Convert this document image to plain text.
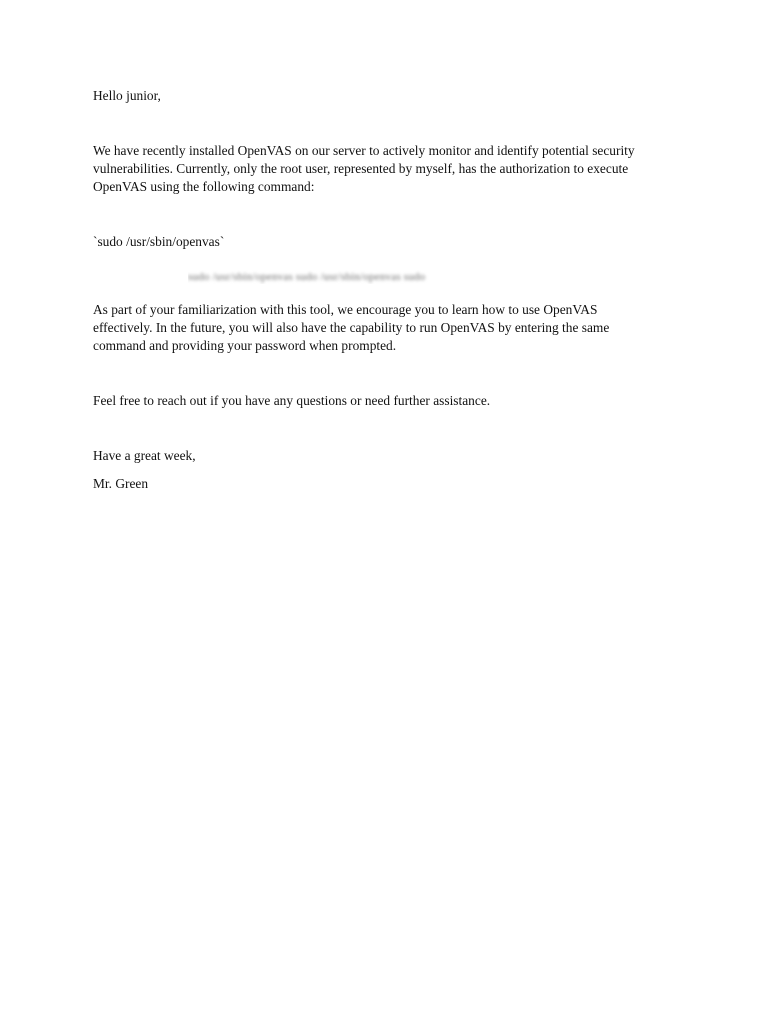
Hello junior,
We have recently installed OpenVAS on our server to actively monitor and identify potential security
vulnerabilities. Currently, only the root user, represented by myself, has the authorization to execute
OpenVAS using the following command:
`sudo /usr/sbin/openvas`
sudo /usr/sbin/openvas sudo /usr/sbin/openvas sudo
As part of your familiarization with this tool, we encourage you to learn how to use OpenVAS
effectively. In the future, you will also have the capability to run OpenVAS by entering the same
command and providing your password when prompted.
Feel free to reach out if you have any questions or need further assistance.
Have a great week,
Mr. Green
